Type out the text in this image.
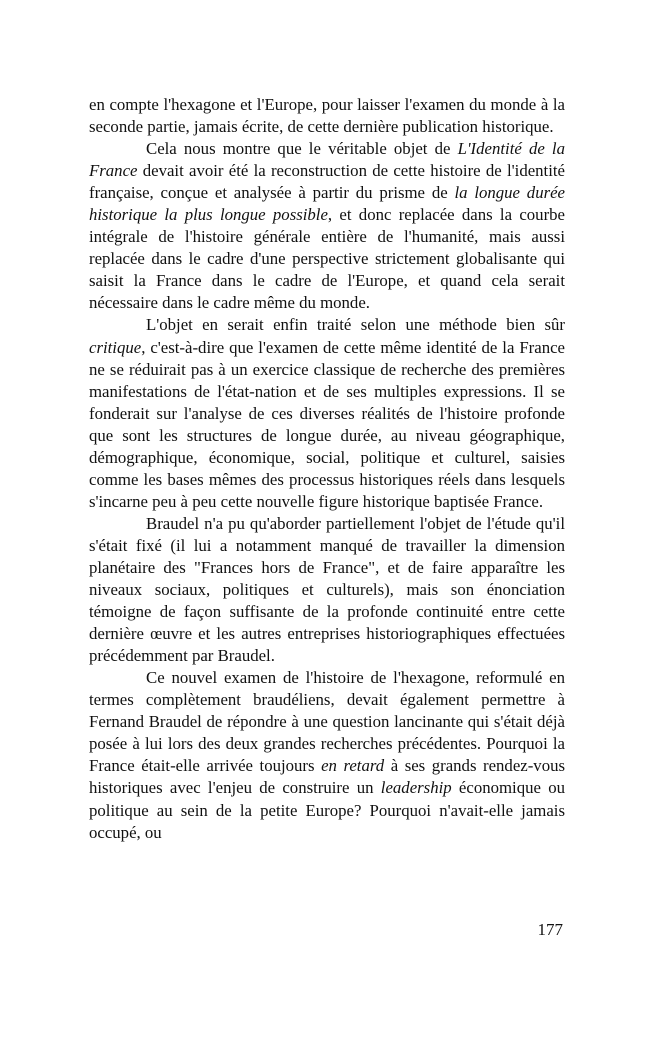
en compte l'hexagone et l'Europe, pour laisser l'examen du monde à la seconde partie, jamais écrite, de cette dernière publication historique.

Cela nous montre que le véritable objet de L'Identité de la France devait avoir été la reconstruction de cette histoire de l'identité française, conçue et analysée à partir du prisme de la longue durée historique la plus longue possible, et donc replacée dans la courbe intégrale de l'histoire générale entière de l'humanité, mais aussi replacée dans le cadre d'une perspective strictement globalisante qui saisit la France dans le cadre de l'Europe, et quand cela serait nécessaire dans le cadre même du monde.

L'objet en serait enfin traité selon une méthode bien sûr critique, c'est-à-dire que l'examen de cette même identité de la France ne se réduirait pas à un exercice classique de recherche des premières manifestations de l'état-nation et de ses multiples expressions. Il se fonderait sur l'analyse de ces diverses réalités de l'histoire profonde que sont les structures de longue durée, au niveau géographique, démographique, économique, social, politique et culturel, saisies comme les bases mêmes des processus historiques réels dans lesquels s'incarne peu à peu cette nouvelle figure historique baptisée France.

Braudel n'a pu qu'aborder partiellement l'objet de l'étude qu'il s'était fixé (il lui a notamment manqué de travailler la dimension planétaire des "Frances hors de France", et de faire apparaître les niveaux sociaux, politiques et culturels), mais son énonciation témoigne de façon suffisante de la profonde continuité entre cette dernière œuvre et les autres entreprises historiographiques effectuées précédemment par Braudel.

Ce nouvel examen de l'histoire de l'hexagone, reformulé en termes complètement braudéliens, devait également permettre à Fernand Braudel de répondre à une question lancinante qui s'était déjà posée à lui lors des deux grandes recherches précédentes. Pourquoi la France était-elle arrivée toujours en retard à ses grands rendez-vous historiques avec l'enjeu de construire un leadership économique ou politique au sein de la petite Europe? Pourquoi n'avait-elle jamais occupé, ou

177
